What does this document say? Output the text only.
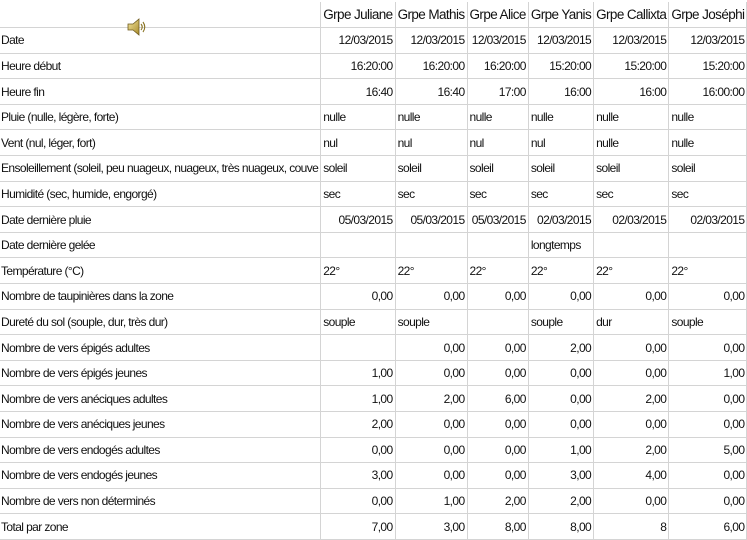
	Grpe Juliane	Grpe Mathis	Grpe Alice	Grpe Yanis	Grpe Callixta	Grpe Joséphi
Date	12/03/2015	12/03/2015	12/03/2015	12/03/2015	12/03/2015	12/03/2015
Heure début	16:20:00	16:20:00	16:20:00	15:20:00	15:20:00	15:20:00
Heure fin	16:40	16:40	17:00	16:00	16:00	16:00:00
Pluie (nulle, légère, forte)	nulle	nulle	nulle	nulle	nulle	nulle
Vent (nul, léger, fort)	nul	nul	nul	nul	nulle	nulle
Ensoleillement (soleil, peu nuageux, nuageux, très nuageux, couve	soleil	soleil	soleil	soleil	soleil	soleil
Humidité (sec, humide, engorgé)	sec	sec	sec	sec	sec	sec
Date dernière pluie	05/03/2015	05/03/2015	05/03/2015	02/03/2015	02/03/2015	02/03/2015
Date dernière gelée				longtemps		
Température (°C)	22°	22°	22°	22°	22°	22°
Nombre de taupinières dans la zone	0,00	0,00	0,00	0,00	0,00	0,00
Dureté du sol (souple, dur, très dur)	souple	souple		souple	dur	souple
Nombre de vers épigés adultes		0,00	0,00	2,00	0,00	0,00
Nombre de vers épigés jeunes	1,00	0,00	0,00	0,00	0,00	1,00
Nombre de vers anéciques adultes	1,00	2,00	6,00	0,00	2,00	0,00
Nombre de vers anéciques jeunes	2,00	0,00	0,00	0,00	0,00	0,00
Nombre de vers endogés adultes	0,00	0,00	0,00	1,00	2,00	5,00
Nombre de vers endogés jeunes	3,00	0,00	0,00	3,00	4,00	0,00
Nombre de vers non déterminés	0,00	1,00	2,00	2,00	0,00	0,00
Total par zone	7,00	3,00	8,00	8,00	8	6,00
